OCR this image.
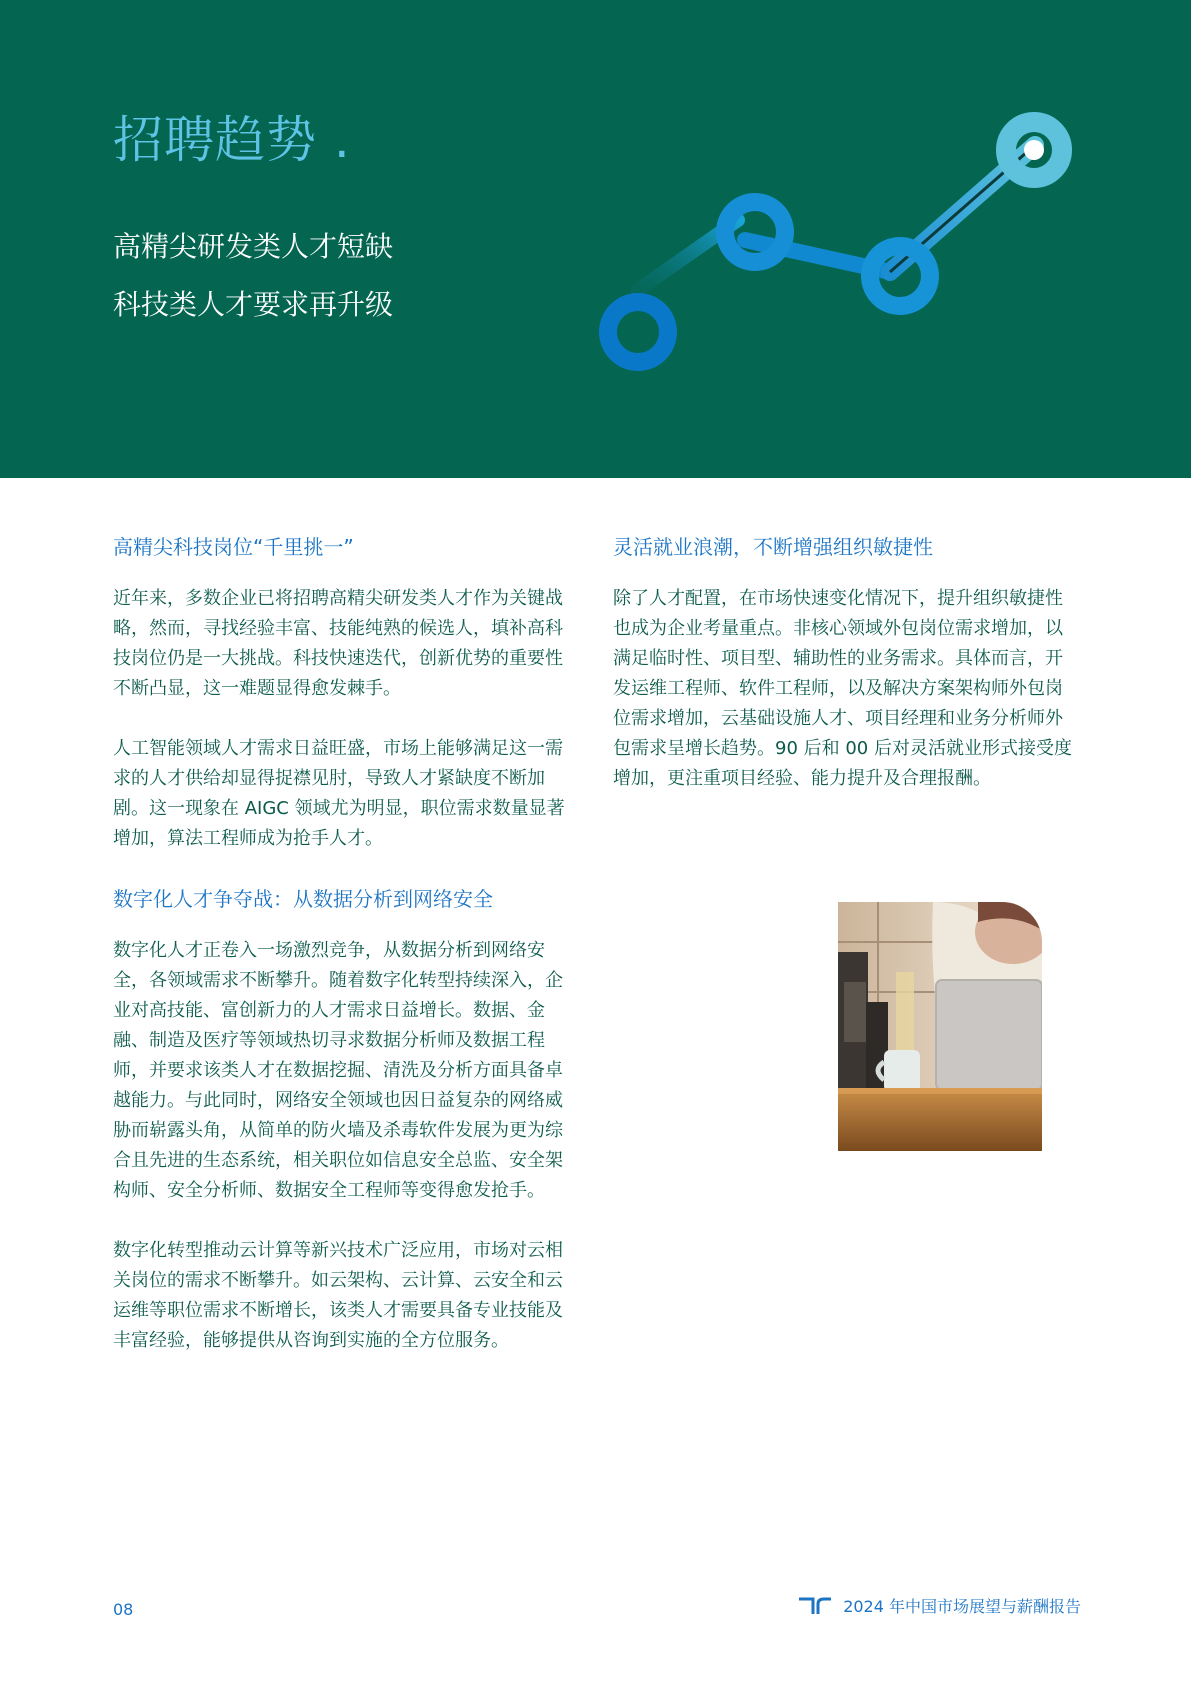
招聘趋势 .
高精尖研发类人才短缺
科技类人才要求再升级
高精尖科技岗位“千里挑一”

近年来，多数企业已将招聘高精尖研发类人才作为关键战略，然而，寻找经验丰富、技能纯熟的候选人，填补高科技岗位仍是一大挑战。科技快速迭代，创新优势的重要性不断凸显，这一难题显得愈发棘手。

人工智能领域人才需求日益旺盛，市场上能够满足这一需求的人才供给却显得捉襟见肘，导致人才紧缺度不断加剧。这一现象在 AIGC 领域尤为明显，职位需求数量显著增加，算法工程师成为抢手人才。

数字化人才争夺战：从数据分析到网络安全

数字化人才正卷入一场激烈竞争，从数据分析到网络安全，各领域需求不断攀升。随着数字化转型持续深入，企业对高技能、富创新力的人才需求日益增长。数据、金融、制造及医疗等领域热切寻求数据分析师及数据工程师，并要求该类人才在数据挖掘、清洗及分析方面具备卓越能力。与此同时，网络安全领域也因日益复杂的网络威胁而崭露头角，从简单的防火墙及杀毒软件发展为更为综合且先进的生态系统，相关职位如信息安全总监、安全架构师、安全分析师、数据安全工程师等变得愈发抢手。

数字化转型推动云计算等新兴技术广泛应用，市场对云相关岗位的需求不断攀升。如云架构、云计算、云安全和云运维等职位需求不断增长，该类人才需要具备专业技能及丰富经验，能够提供从咨询到实施的全方位服务。

灵活就业浪潮，不断增强组织敏捷性

除了人才配置，在市场快速变化情况下，提升组织敏捷性也成为企业考量重点。非核心领域外包岗位需求增加，以满足临时性、项目型、辅助性的业务需求。具体而言，开发运维工程师、软件工程师，以及解决方案架构师外包岗位需求增加，云基础设施人才、项目经理和业务分析师外包需求呈增长趋势。90 后和 00 后对灵活就业形式接受度增加，更注重项目经验、能力提升及合理报酬。

08	2024 年中国市场展望与薪酬报告
